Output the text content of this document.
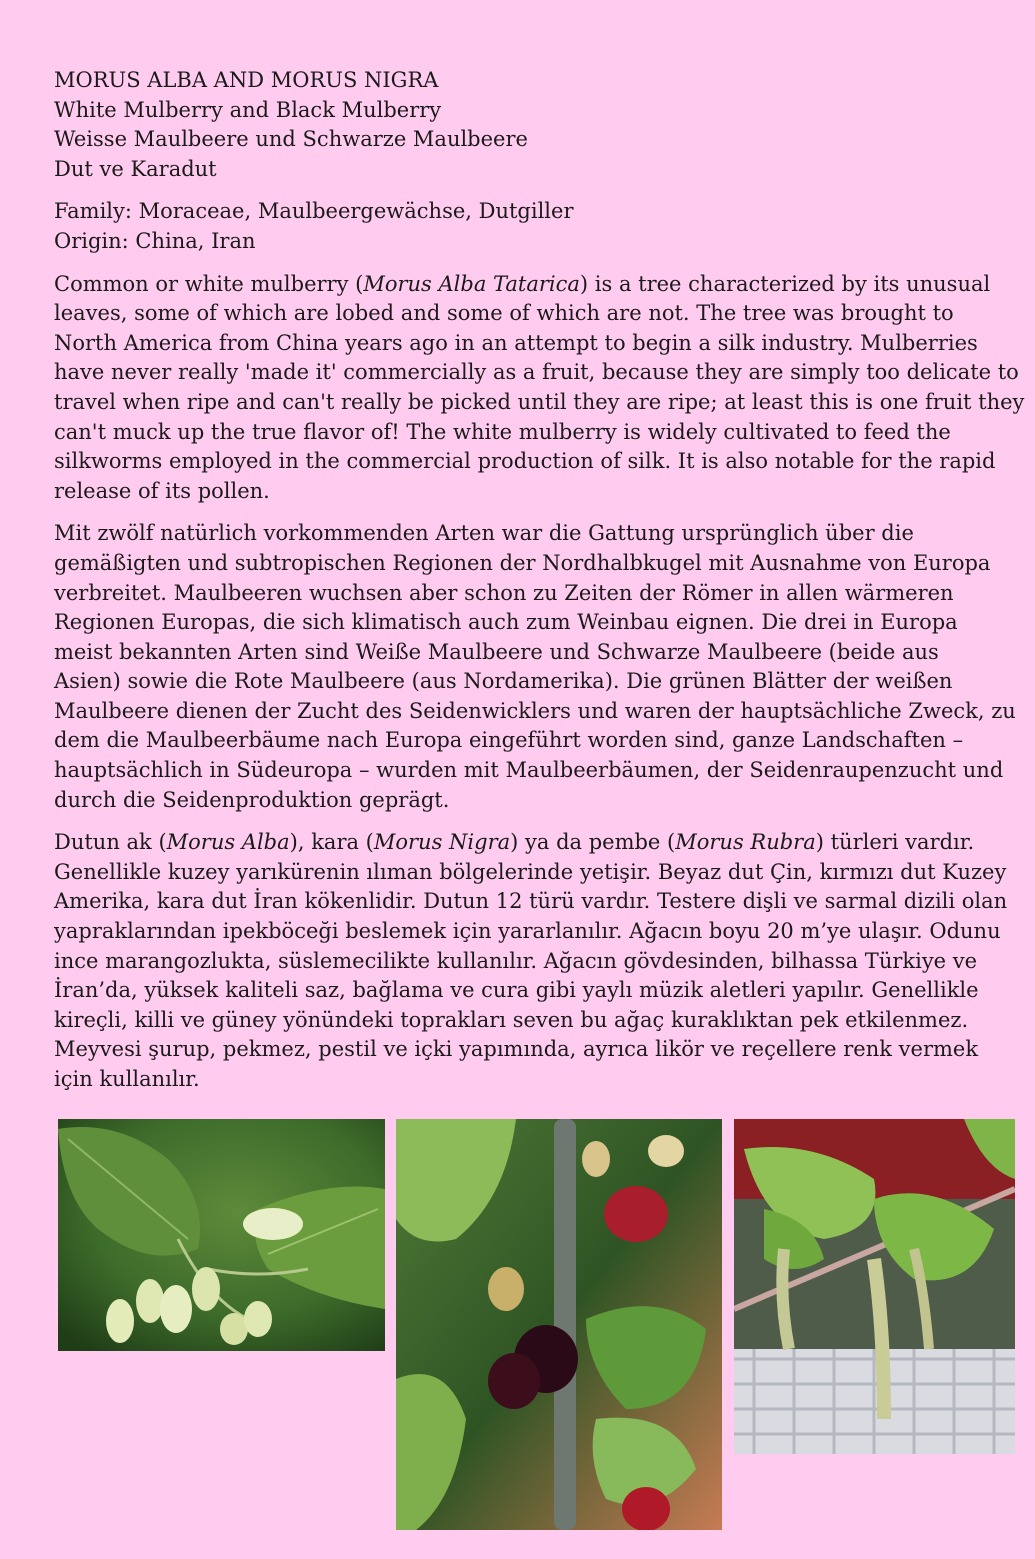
MORUS ALBA AND MORUS NIGRA
White Mulberry and Black Mulberry
Weisse Maulbeere und Schwarze Maulbeere
Dut ve Karadut
Family: Moraceae, Maulbeergewächse, Dutgiller
Origin: China, Iran
Common or white mulberry (Morus Alba Tatarica) is a tree characterized by its unusual
leaves, some of which are lobed and some of which are not. The tree was brought to
North America from China years ago in an attempt to begin a silk industry. Mulberries
have never really 'made it' commercially as a fruit, because they are simply too delicate to
travel when ripe and can't really be picked until they are ripe; at least this is one fruit they
can't muck up the true flavor of! The white mulberry is widely cultivated to feed the
silkworms employed in the commercial production of silk. It is also notable for the rapid
release of its pollen.
Mit zwölf natürlich vorkommenden Arten war die Gattung ursprünglich über die
gemäßigten und subtropischen Regionen der Nordhalbkugel mit Ausnahme von Europa
verbreitet. Maulbeeren wuchsen aber schon zu Zeiten der Römer in allen wärmeren
Regionen Europas, die sich klimatisch auch zum Weinbau eignen. Die drei in Europa
meist bekannten Arten sind Weiße Maulbeere und Schwarze Maulbeere (beide aus
Asien) sowie die Rote Maulbeere (aus Nordamerika). Die grünen Blätter der weißen
Maulbeere dienen der Zucht des Seidenwicklers und waren der hauptsächliche Zweck, zu
dem die Maulbeerbäume nach Europa eingeführt worden sind, ganze Landschaften –
hauptsächlich in Südeuropa – wurden mit Maulbeerbäumen, der Seidenraupenzucht und
durch die Seidenproduktion geprägt.
Dutun ak (Morus Alba), kara (Morus Nigra) ya da pembe (Morus Rubra) türleri vardır.
Genellikle kuzey yarıkürenin ılıman bölgelerinde yetişir. Beyaz dut Çin, kırmızı dut Kuzey
Amerika, kara dut İran kökenlidir. Dutun 12 türü vardır. Testere dişli ve sarmal dizili olan
yapraklarından ipekböceği beslemek için yararlanılır. Ağacın boyu 20 m’ye ulaşır. Odunu
ince marangozlukta, süslemecilikte kullanılır. Ağacın gövdesinden, bilhassa Türkiye ve
İran’da, yüksek kaliteli saz, bağlama ve cura gibi yaylı müzik aletleri yapılır. Genellikle
kireçli, killi ve güney yönündeki toprakları seven bu ağaç kuraklıktan pek etkilenmez.
Meyvesi şurup, pekmez, pestil ve içki yapımında, ayrıca likör ve reçellere renk vermek
için kullanılır.
